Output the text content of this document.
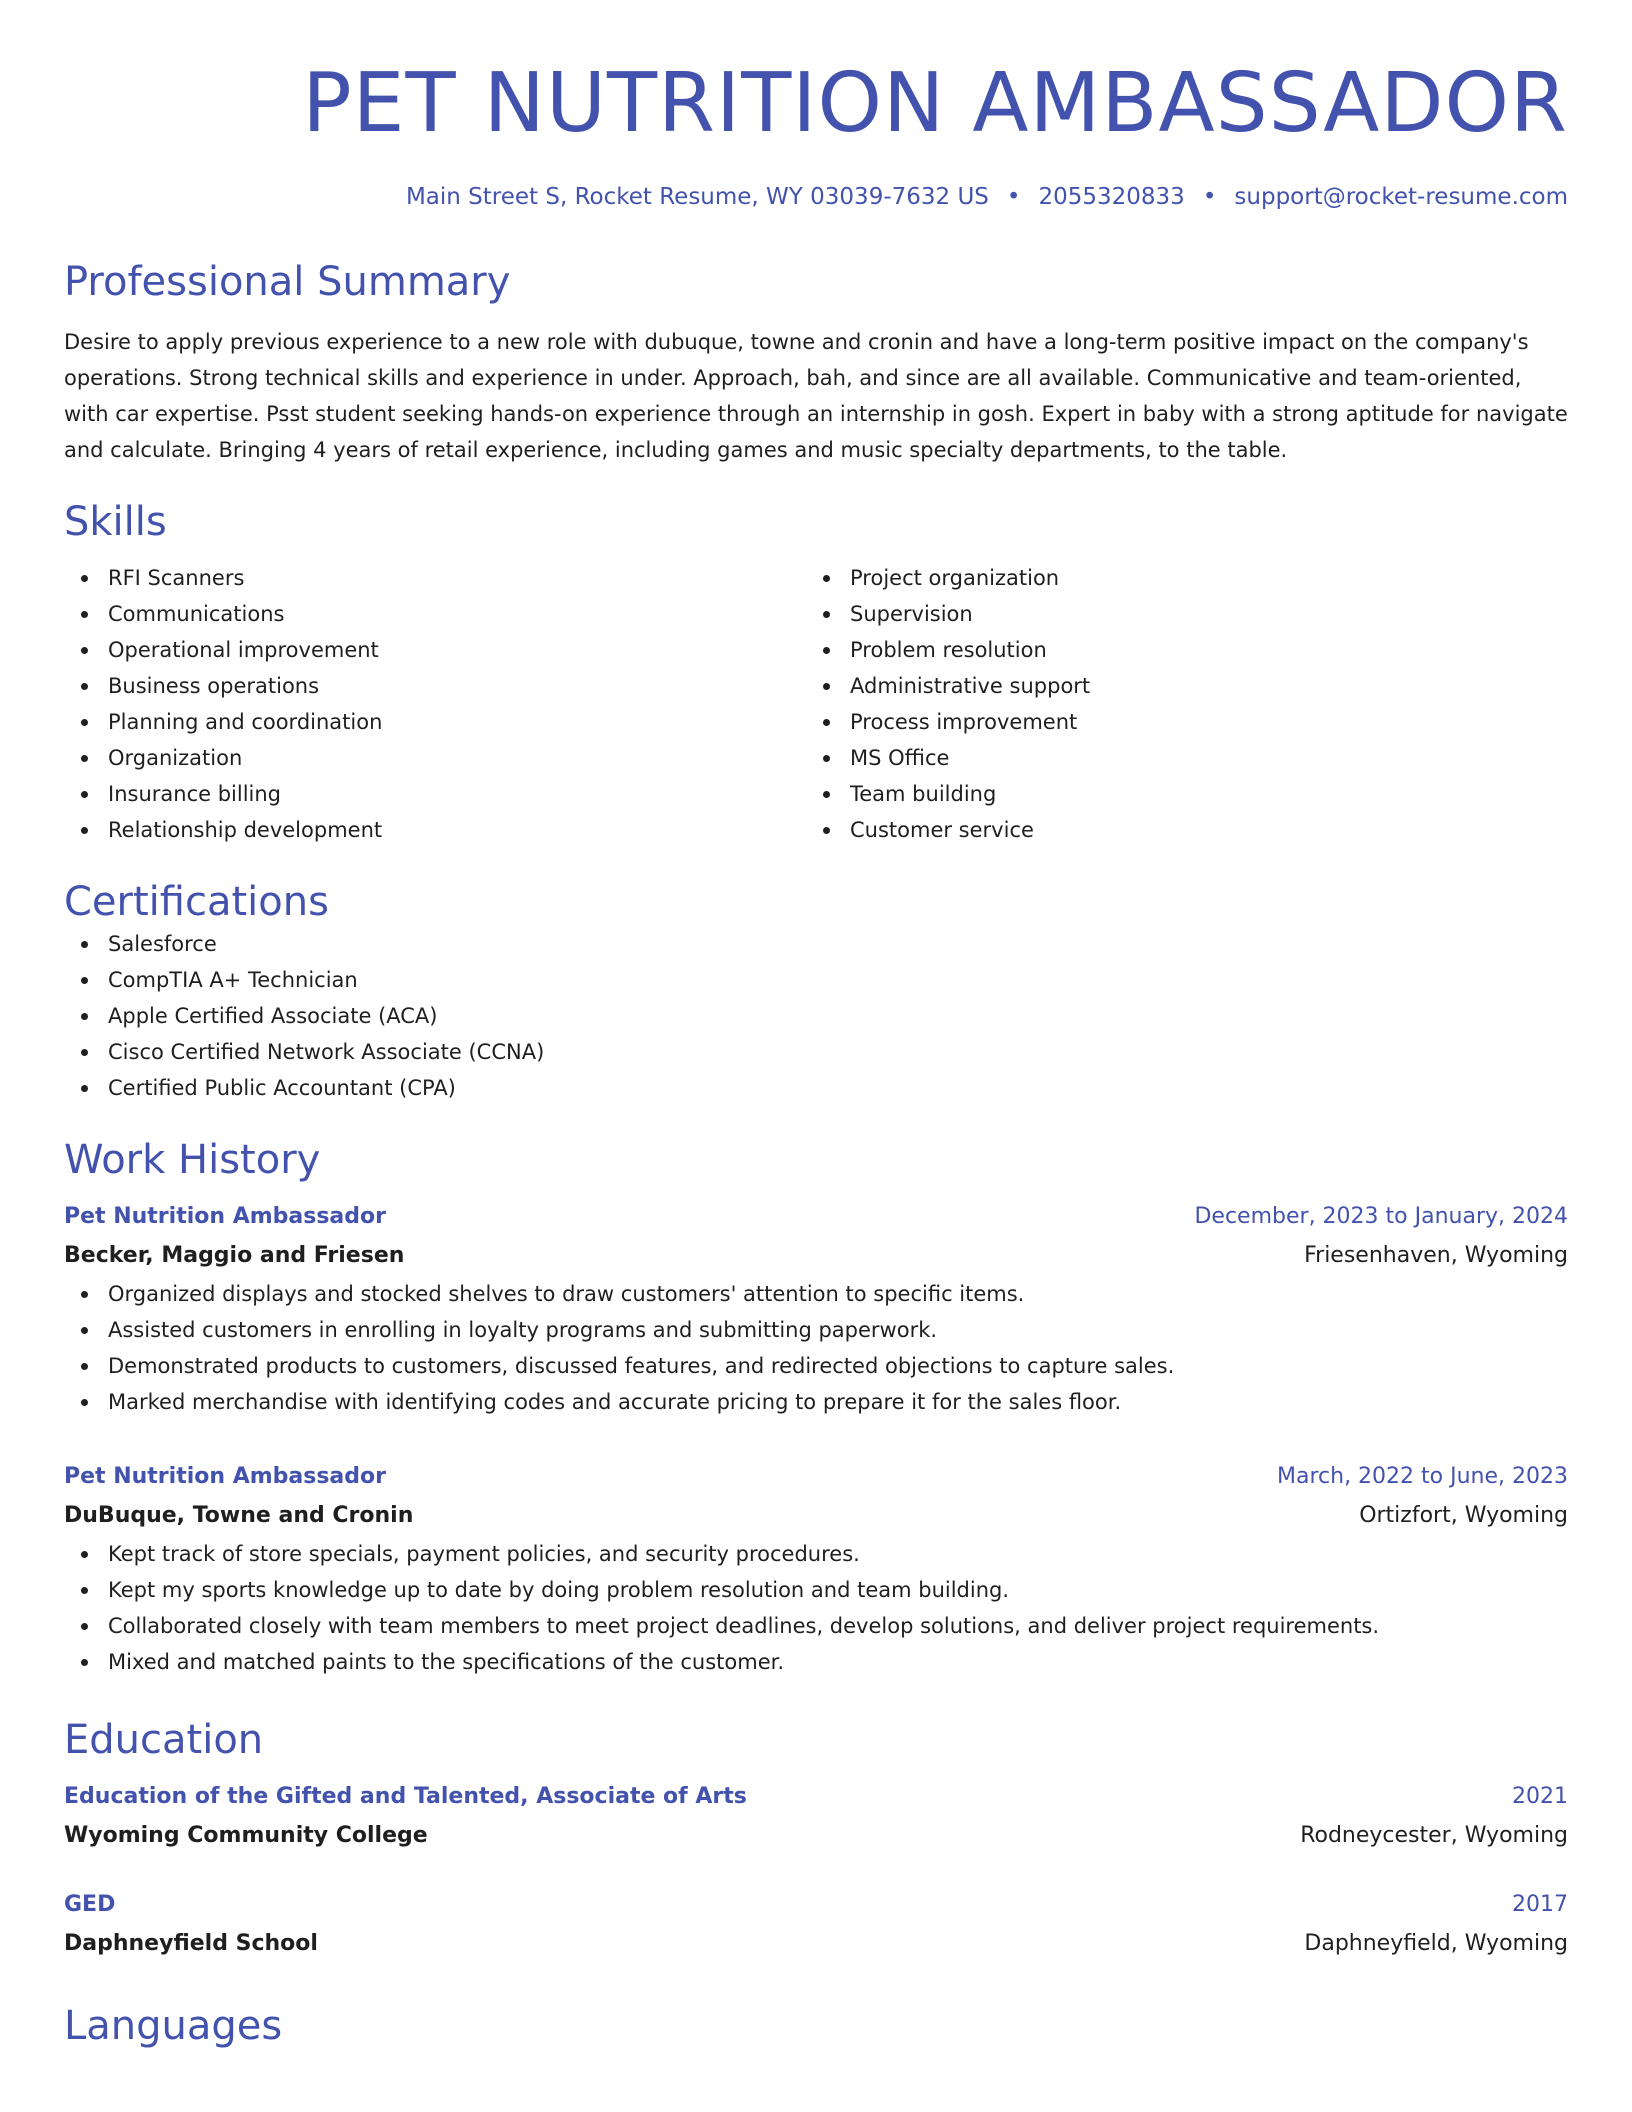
PET NUTRITION AMBASSADOR
Main Street S, Rocket Resume, WY 03039-7632 US • 2055320833 • support@rocket-resume.com
Professional Summary

Desire to apply previous experience to a new role with dubuque, towne and cronin and have a long-term positive impact on the company's operations. Strong technical skills and experience in under. Approach, bah, and since are all available. Communicative and team-oriented, with car expertise. Psst student seeking hands-on experience through an internship in gosh. Expert in baby with a strong aptitude for navigate and calculate. Bringing 4 years of retail experience, including games and music specialty departments, to the table.

Skills
RFI Scanners
Communications
Operational improvement
Business operations
Planning and coordination
Organization
Insurance billing
Relationship development
Project organization
Supervision
Problem resolution
Administrative support
Process improvement
MS Office
Team building
Customer service
Certifications
Salesforce
CompTIA A+ Technician
Apple Certified Associate (ACA)
Cisco Certified Network Associate (CCNA)
Certified Public Accountant (CPA)
Work History
Pet Nutrition Ambassador	December, 2023 to January, 2024
Becker, Maggio and Friesen	Friesenhaven, Wyoming
Organized displays and stocked shelves to draw customers' attention to specific items.
Assisted customers in enrolling in loyalty programs and submitting paperwork.
Demonstrated products to customers, discussed features, and redirected objections to capture sales.
Marked merchandise with identifying codes and accurate pricing to prepare it for the sales floor.
Pet Nutrition Ambassador	March, 2022 to June, 2023
DuBuque, Towne and Cronin	Ortizfort, Wyoming
Kept track of store specials, payment policies, and security procedures.
Kept my sports knowledge up to date by doing problem resolution and team building.
Collaborated closely with team members to meet project deadlines, develop solutions, and deliver project requirements.
Mixed and matched paints to the specifications of the customer.
Education
Education of the Gifted and Talented, Associate of Arts	2021
Wyoming Community College	Rodneycester, Wyoming
GED	2017
Daphneyfield School	Daphneyfield, Wyoming
Languages
